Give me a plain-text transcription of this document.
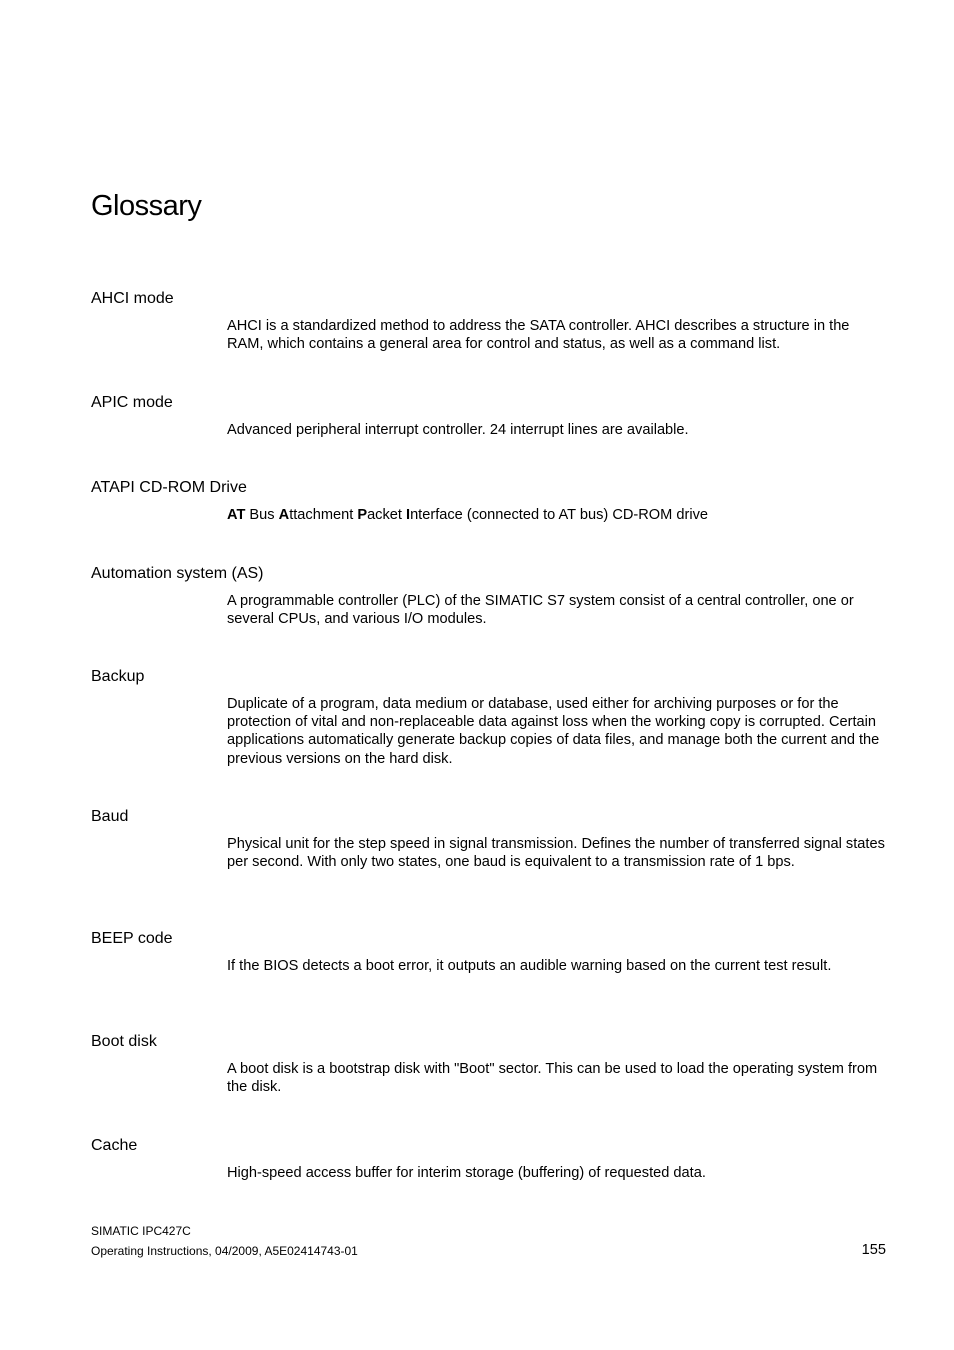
Glossary
AHCI mode

AHCI is a standardized method to address the SATA controller. AHCI describes a structure in the RAM, which contains a general area for control and status, as well as a command list.

APIC mode

Advanced peripheral interrupt controller. 24 interrupt lines are available.

ATAPI CD-ROM Drive

AT Bus Attachment Packet Interface (connected to AT bus) CD-ROM drive

Automation system (AS)

A programmable controller (PLC) of the SIMATIC S7 system consist of a central controller, one or several CPUs, and various I/O modules.

Backup

Duplicate of a program, data medium or database, used either for archiving purposes or for the protection of vital and non-replaceable data against loss when the working copy is corrupted. Certain applications automatically generate backup copies of data files, and manage both the current and the previous versions on the hard disk.

Baud

Physical unit for the step speed in signal transmission. Defines the number of transferred signal states per second. With only two states, one baud is equivalent to a transmission rate of 1 bps.

BEEP code

If the BIOS detects a boot error, it outputs an audible warning based on the current test result.

Boot disk

A boot disk is a bootstrap disk with "Boot" sector. This can be used to load the operating system from the disk.

Cache

High-speed access buffer for interim storage (buffering) of requested data.

SIMATIC IPC427C
Operating Instructions, 04/2009, A5E02414743-01	155
